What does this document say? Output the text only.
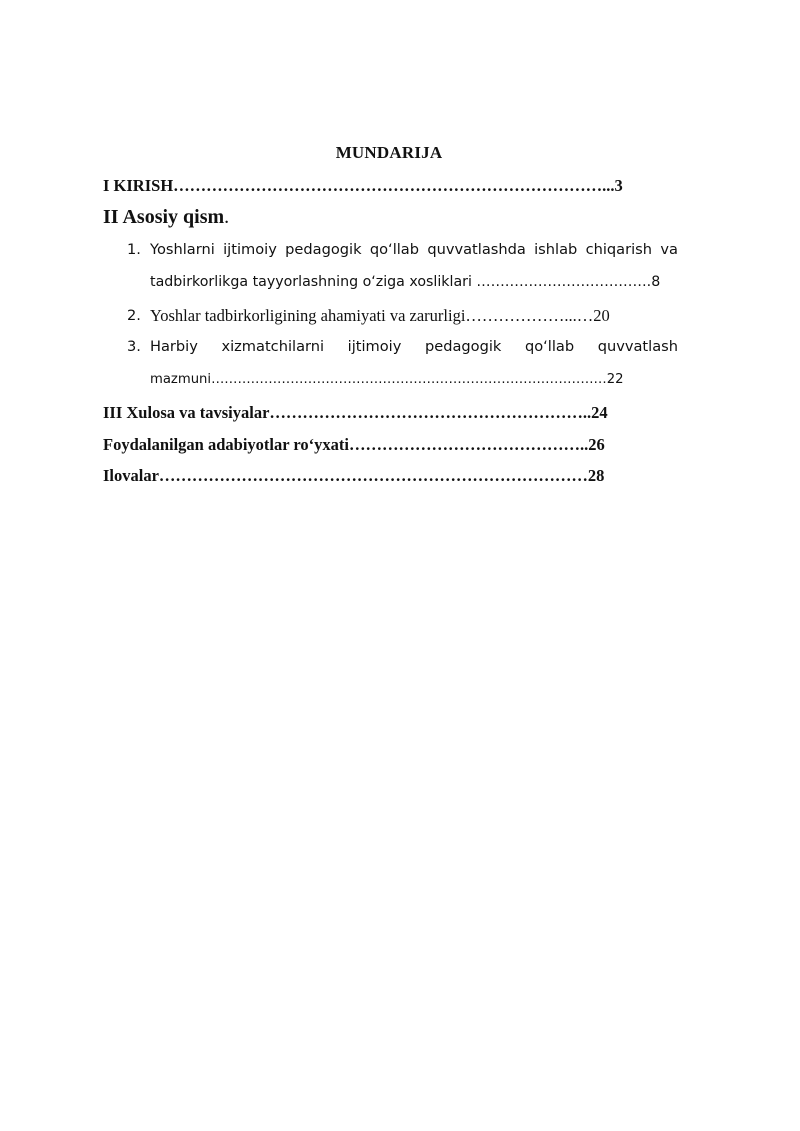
MUNDARIJA
I KIRISH……………………………………………………………………...3
II Asosiy qism.
1. Yoshlarni ijtimoiy pedagogik qo‘llab quvvatlashda ishlab chiqarish va
tadbirkorlikga tayyorlashning o‘ziga xosliklari ……………………………….8
2. Yoshlar tadbirkorligining ahamiyati va zarurligi………………...…20
3. Harbiy xizmatchilarni ijtimoiy pedagogik qo‘llab quvvatlash
mazmuni………………………………………………………………………………22
III Xulosa va tavsiyalar…………………………………………………..24
Foydalanilgan adabiyotlar ro‘yxati……………………………………..26
Ilovalar……………………………………………………………………28
